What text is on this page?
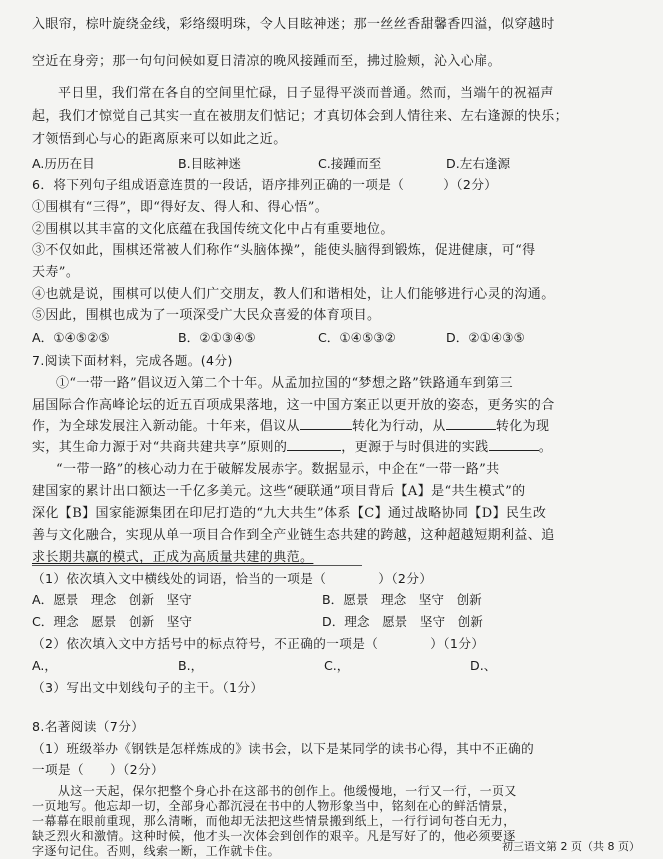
入眼帘，棕叶旋绕金线，彩络缀明珠，令人目眩神迷；那一丝丝香甜馨香四溢，似穿越时
空近在身旁；那一句句问候如夏日清凉的晚风接踵而至，拂过脸颊，沁入心扉。
平日里，我们常在各自的空间里忙碌，日子显得平淡而普通。然而，当端午的祝福声
起，我们才惊觉自己其实一直在被朋友们惦记；才真切体会到人情往来、左右逢源的快乐；
才领悟到心与心的距离原来可以如此之近。
A.历历在目	B.目眩神迷	C.接踵而至	D.左右逢源
6．将下列句子组成语意连贯的一段话，语序排列正确的一项是（　　　）（2分）
①围棋有“三得”，即“得好友、得人和、得心悟”。
②围棋以其丰富的文化底蕴在我国传统文化中占有重要地位。
③不仅如此，围棋还常被人们称作“头脑体操”，能使头脑得到锻炼，促进健康，可“得
天寿”。
④也就是说，围棋可以使人们广交朋友，教人们和谐相处，让人们能够进行心灵的沟通。
⑤因此，围棋也成为了一项深受广大民众喜爱的体育项目。
A．①④⑤②⑤	B．②①③④⑤	C．①④⑤③②	D．②①④③⑤
7.阅读下面材料，完成各题。(4分)
①“一带一路”倡议迈入第二个十年。从孟加拉国的“梦想之路”铁路通车到第三
届国际合作高峰论坛的近五百项成果落地，这一中国方案正以更开放的姿态，更务实的合
作，为全球发展注入新动能。十年来，倡议从	转化为行动，从	转化为现
实，其生命力源于对“共商共建共享”原则的	，更源于与时俱进的实践	。
“一带一路”的核心动力在于破解发展赤字。数据显示，中企在“一带一路”共
建国家的累计出口额达一千亿多美元。这些“硬联通”项目背后【A】是“共生模式”的
深化【B】国家能源集团在印尼打造的“九大共生”体系【C】通过战略协同【D】民生改
善与文化融合，实现从单一项目合作到全产业链生态共建的跨越，这种超越短期利益、追
求长期共赢的模式，正成为高质量共建的典范。
（1）依次填入文中横线处的词语，恰当的一项是（　　　　）（2分）
A．愿景　理念　创新　坚守	B．愿景　理念　坚守　创新
C．理念　愿景　创新　坚守	D．理念　愿景　坚守　创新
（2）依次填入文中方括号中的标点符号，不正确的一项是（　　　　）（1分）
A.，	B.，	C.，	D.、
（3）写出文中划线句子的主干。（1分）
8.名著阅读（7分）
（1）班级举办《钢铁是怎样炼成的》读书会，以下是某同学的读书心得，其中不正确的
一项是（　　）（2分）
从这一天起，保尔把整个身心扑在这部书的创作上。他缓慢地，一行又一行，一页又
初三语文第 2 页（共 8 页）
一页地写。他忘却一切，全部身心都沉浸在书中的人物形象当中，铭刻在心的鲜活情景，
一幕幕在眼前重现，那么清晰，而他却无法把这些情景搬到纸上，一行行词句苍白无力，
缺乏烈火和激情。这种时候，他才头一次体会到创作的艰辛。凡是写好了的，他必须要逐
字逐句记住。否则，线索一断，工作就卡住。
